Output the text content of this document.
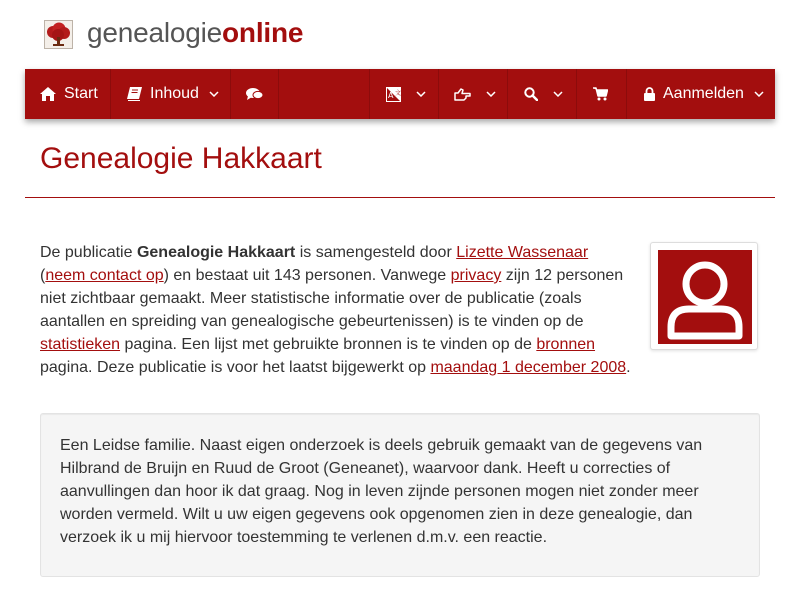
genealogieonline
Start	Inhoud	A 文	Aanmelden
Genealogie Hakkaart

De publicatie Genealogie Hakkaart is samengesteld door Lizette Wassenaar
(neem contact op) en bestaat uit 143 personen. Vanwege privacy zijn 12 personen niet zichtbaar gemaakt. Meer statistische informatie over de publicatie (zoals aantallen en spreiding van genealogische gebeurtenissen) is te vinden op de statistieken pagina. Een lijst met gebruikte bronnen is te vinden op de bronnen pagina. Deze publicatie is voor het laatst bijgewerkt op maandag 1 december 2008.

Een Leidse familie. Naast eigen onderzoek is deels gebruik gemaakt van de gegevens van Hilbrand de Bruijn en Ruud de Groot (Geneanet), waarvoor dank. Heeft u correcties of aanvullingen dan hoor ik dat graag. Nog in leven zijnde personen mogen niet zonder meer worden vermeld. Wilt u uw eigen gegevens ook opgenomen zien in deze genealogie, dan verzoek ik u mij hiervoor toestemming te verlenen d.m.v. een reactie.
